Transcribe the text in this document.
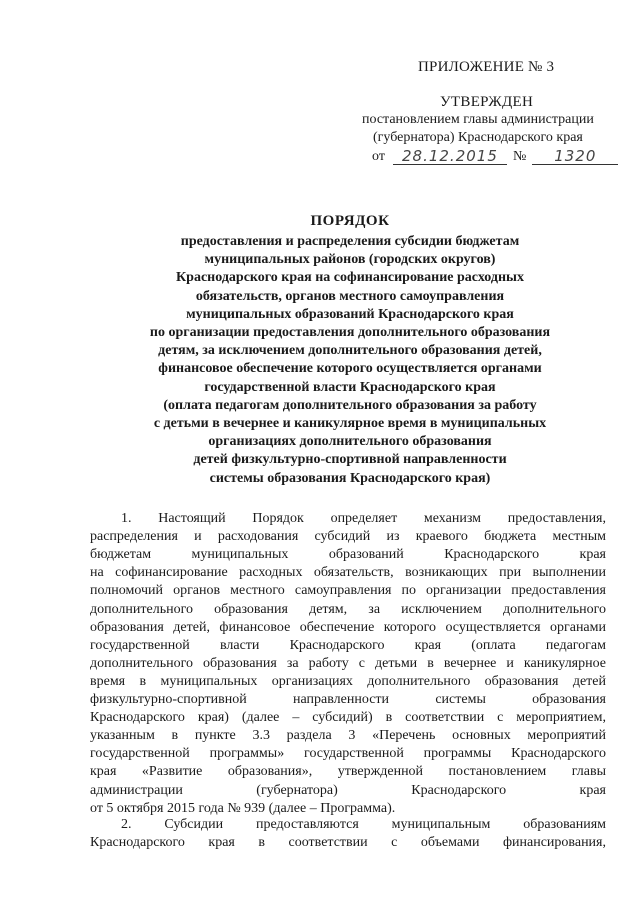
ПРИЛОЖЕНИЕ № 3
УТВЕРЖДЕН
постановлением главы администрации
(губернатора) Краснодарского края
от	28.12.2015	№	1320
ПОРЯДОК
предоставления и распределения субсидии бюджетам
муниципальных районов (городских округов)
Краснодарского края на софинансирование расходных
обязательств, органов местного самоуправления
муниципальных образований Краснодарского края
по организации предоставления дополнительного образования
детям, за исключением дополнительного образования детей,
финансовое обеспечение которого осуществляется органами
государственной власти Краснодарского края
(оплата педагогам дополнительного образования за работу
с детьми в вечернее и каникулярное время в муниципальных
организациях дополнительного образования
детей физкультурно-спортивной направленности
системы образования Краснодарского края)
1. Настоящий Порядок определяет механизм предоставления,
распределения и расходования субсидий из краевого бюджета местным
бюджетам муниципальных образований Краснодарского края
на софинансирование расходных обязательств, возникающих при выполнении
полномочий органов местного самоуправления по организации предоставления
дополнительного образования детям, за исключением дополнительного
образования детей, финансовое обеспечение которого осуществляется органами
государственной власти Краснодарского края (оплата педагогам
дополнительного образования за работу с детьми в вечернее и каникулярное
время в муниципальных организациях дополнительного образования детей
физкультурно-спортивной направленности системы образования
Краснодарского края) (далее – субсидий) в соответствии с мероприятием,
указанным в пункте 3.3 раздела 3 «Перечень основных мероприятий
государственной программы» государственной программы Краснодарского
края «Развитие образования», утвержденной постановлением главы
администрации (губернатора) Краснодарского края
от 5 октября 2015 года № 939 (далее – Программа).
2. Субсидии предоставляются муниципальным образованиям
Краснодарского края в соответствии с объемами финансирования,
